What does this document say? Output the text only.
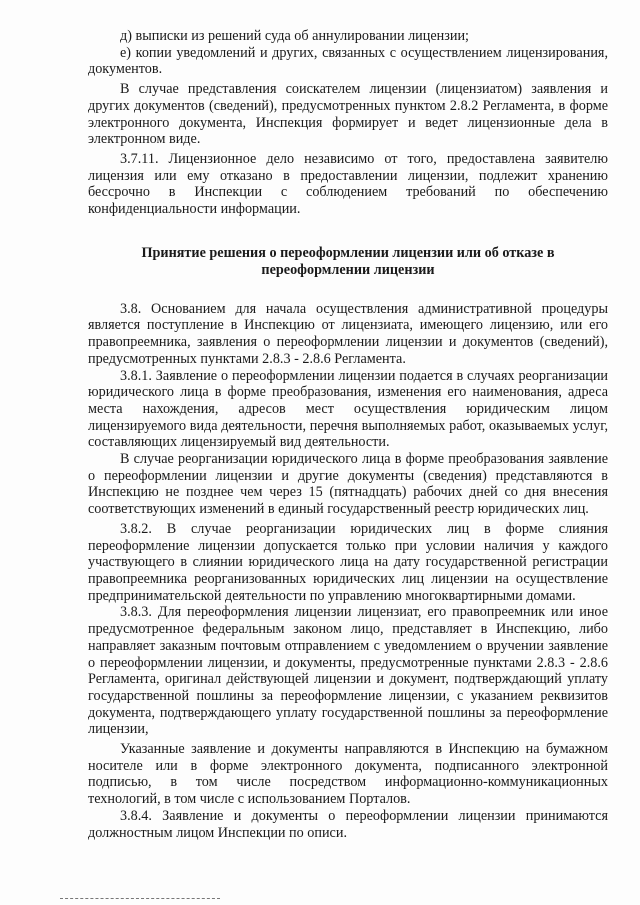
д) выписки из решений суда об аннулировании лицензии;

е) копии уведомлений и других, связанных с осуществлением лицензирования, документов.

В случае представления соискателем лицензии (лицензиатом) заявления и других документов (сведений), предусмотренных пунктом 2.8.2 Регламента, в форме электронного документа, Инспекция формирует и ведет лицензионные дела в электронном виде.

3.7.11. Лицензионное дело независимо от того, предоставлена заявителю лицензия или ему отказано в предоставлении лицензии, подлежит хранению бессрочно в Инспекции с соблюдением требований по обеспечению конфиденциальности информации.

Принятие решения о переоформлении лицензии или об отказе в переоформлении лицензии

3.8. Основанием для начала осуществления административной процедуры является поступление в Инспекцию от лицензиата, имеющего лицензию, или его правопреемника, заявления о переоформлении лицензии и документов (сведений), предусмотренных пунктами 2.8.3 - 2.8.6 Регламента.

3.8.1. Заявление о переоформлении лицензии подается в случаях реорганизации юридического лица в форме преобразования, изменения его наименования, адреса места нахождения, адресов мест осуществления юридическим лицом лицензируемого вида деятельности, перечня выполняемых работ, оказываемых услуг, составляющих лицензируемый вид деятельности.

В случае реорганизации юридического лица в форме преобразования заявление о переоформлении лицензии и другие документы (сведения) представляются в Инспекцию не позднее чем через 15 (пятнадцать) рабочих дней со дня внесения соответствующих изменений в единый государственный реестр юридических лиц.

3.8.2. В случае реорганизации юридических лиц в форме слияния переоформление лицензии допускается только при условии наличия у каждого участвующего в слиянии юридического лица на дату государственной регистрации правопреемника реорганизованных юридических лиц лицензии на осуществление предпринимательской деятельности по управлению многоквартирными домами.

3.8.3. Для переоформления лицензии лицензиат, его правопреемник или иное предусмотренное федеральным законом лицо, представляет в Инспекцию, либо направляет заказным почтовым отправлением с уведомлением о вручении заявление о переоформлении лицензии, и документы, предусмотренные пунктами 2.8.3 - 2.8.6 Регламента, оригинал действующей лицензии и документ, подтверждающий уплату государственной пошлины за переоформление лицензии, с указанием реквизитов документа, подтверждающего уплату государственной пошлины за переоформление лицензии,

Указанные заявление и документы направляются в Инспекцию на бумажном носителе или в форме электронного документа, подписанного электронной подписью, в том числе посредством информационно-коммуникационных технологий, в том числе с использованием Порталов.

3.8.4. Заявление и документы о переоформлении лицензии принимаются должностным лицом Инспекции по описи.
